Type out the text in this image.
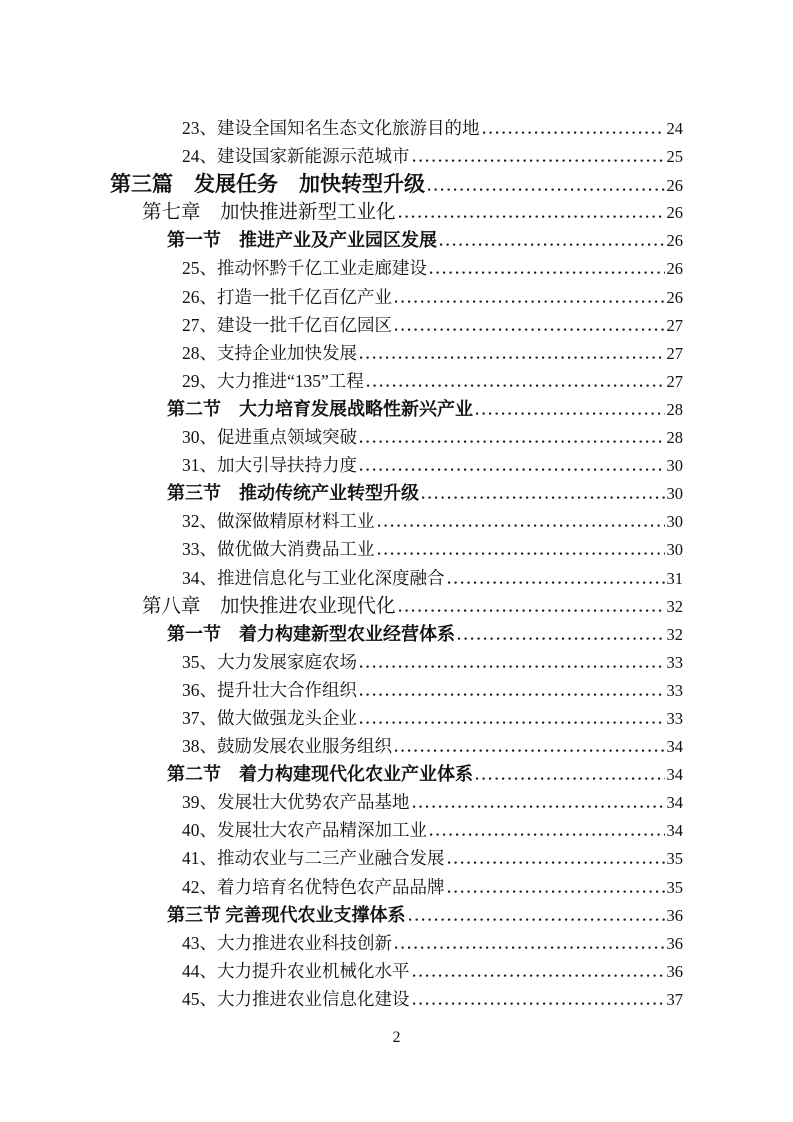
23、建设全国知名生态文化旅游目的地	24
24、建设国家新能源示范城市	25
第三篇　发展任务　加快转型升级	26
第七章　加快推进新型工业化	26
第一节　推进产业及产业园区发展	26
25、推动怀黔千亿工业走廊建设	26
26、打造一批千亿百亿产业	26
27、建设一批千亿百亿园区	27
28、支持企业加快发展	27
29、大力推进“135”工程	27
第二节　大力培育发展战略性新兴产业	28
30、促进重点领域突破	28
31、加大引导扶持力度	30
第三节　推动传统产业转型升级	30
32、做深做精原材料工业	30
33、做优做大消费品工业	30
34、推进信息化与工业化深度融合	31
第八章　加快推进农业现代化	32
第一节　着力构建新型农业经营体系	32
35、大力发展家庭农场	33
36、提升壮大合作组织	33
37、做大做强龙头企业	33
38、鼓励发展农业服务组织	34
第二节　着力构建现代化农业产业体系	34
39、发展壮大优势农产品基地	34
40、发展壮大农产品精深加工业	34
41、推动农业与二三产业融合发展	35
42、着力培育名优特色农产品品牌	35
第三节 完善现代农业支撑体系	36
43、大力推进农业科技创新	36
44、大力提升农业机械化水平	36
45、大力推进农业信息化建设	37
2
